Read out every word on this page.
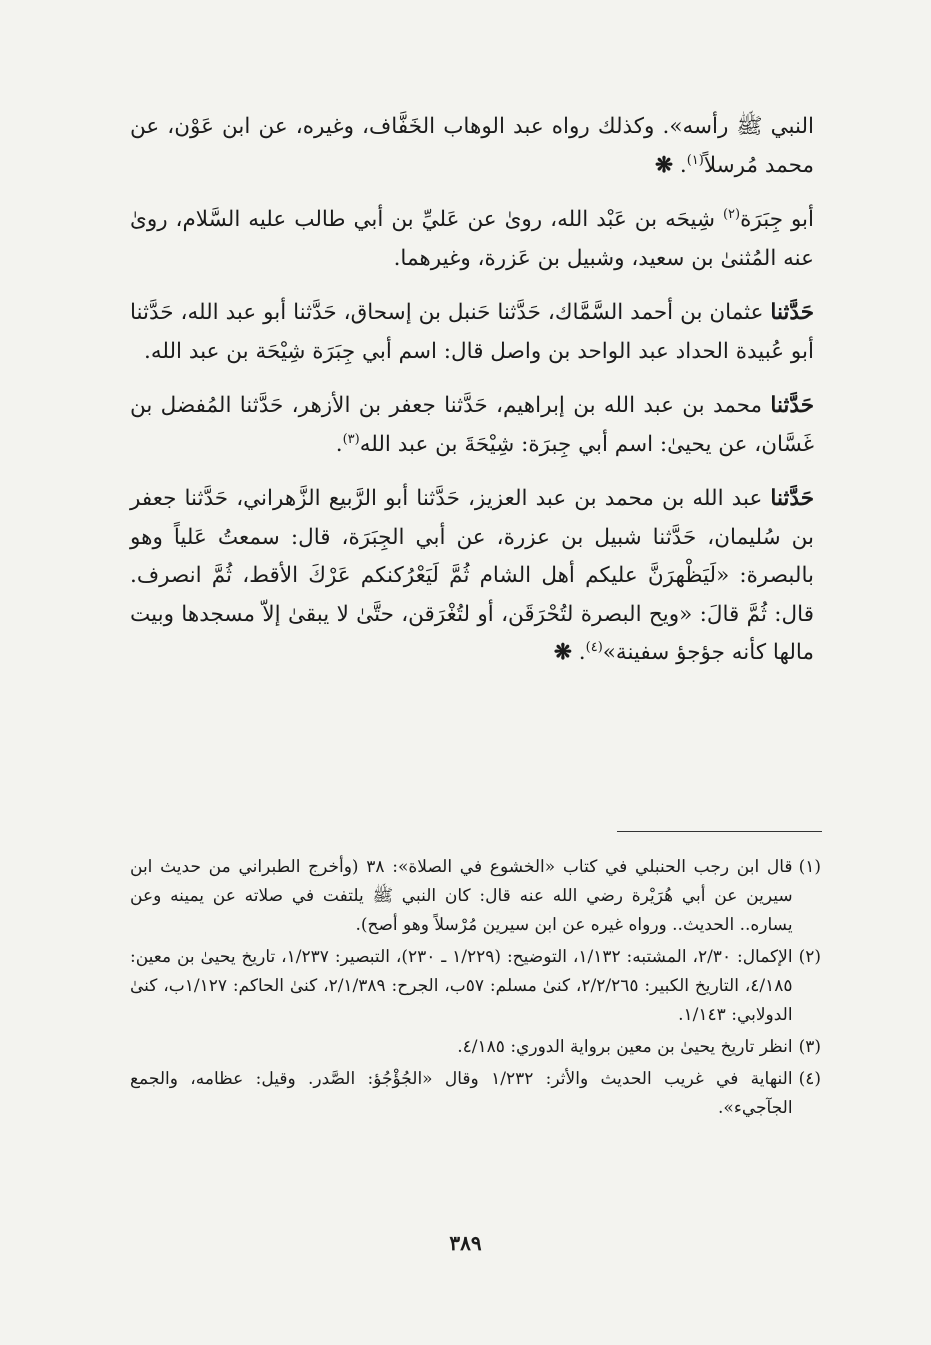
النبي ﷺ رأسه». وكذلك رواه عبد الوهاب الخَفَّاف، وغيره، عن ابن عَوْن، عن محمد مُرسلاً$^{(١)}$. ❋

أبو جِبَرَة$^{(٢)}$ شِيحَه بن عَبْد الله، روىٰ عن عَليِّ بن أبي طالب عليه السَّلام، روىٰ عنه المُثنىٰ بن سعيد، وشبيل بن عَزرة، وغيرهما.

حَدَّثنا عثمان بن أحمد السَّمَّاك، حَدَّثنا حَنبل بن إسحاق، حَدَّثنا أبو عبد الله، حَدَّثنا أبو عُبيدة الحداد عبد الواحد بن واصل قال: اسم أبي جِبَرَة شِيْحَة بن عبد الله.

حَدَّثنا محمد بن عبد الله بن إبراهيم، حَدَّثنا جعفر بن الأزهر، حَدَّثنا المُفضل بن غَسَّان، عن يحيىٰ: اسم أبي جِبرَة: شِيْحَةَ بن عبد الله$^{(٣)}$.

حَدَّثنا عبد الله بن محمد بن عبد العزيز، حَدَّثنا أبو الرَّبيع الزَّهراني، حَدَّثنا جعفر بن سُليمان، حَدَّثنا شبيل بن عزرة، عن أبي الجِبَرَة، قال: سمعتُ عَلياً وهو بالبصرة: «لَيَظْهرَنَّ عليكم أهل الشام ثُمَّ لَيَعْرُكنكم عَرْكَ الأقط، ثُمَّ انصرف. قال: ثُمَّ قالَ: «ويح البصرة لتُحْرَقَن، أو لتُغْرَقن، حتَّىٰ لا يبقىٰ إلاّ مسجدها وبيت مالها كأنه جؤجؤ سفينة»$^{(٤)}$. ❋

(١)
قال ابن رجب الحنبلي في كتاب «الخشوع في الصلاة»: ٣٨ (وأخرج الطبراني من حديث ابن سيرين عن أبي هُرَيْرة رضي الله عنه قال: كان النبي ﷺ يلتفت في صلاته عن يمينه وعن يساره.. الحديث.. ورواه غيره عن ابن سيرين مُرْسلاً وهو أصح).
(٢)
الإكمال: ٢/٣٠، المشتبه: ١/١٣٢، التوضيح: (١/٢٢٩ ـ ٢٣٠)، التبصير: ١/٢٣٧، تاريخ يحيىٰ بن معين: ٤/١٨٥، التاريخ الكبير: ٢/٢/٢٦٥، كنىٰ مسلم: ٥٧ب، الجرح: ٢/١/٣٨٩، كنىٰ الحاكم: ١/١٢٧ب، كنىٰ الدولابي: ١/١٤٣.
(٣)
انظر تاريخ يحيىٰ بن معين برواية الدوري: ٤/١٨٥.
(٤)
النهاية في غريب الحديث والأثر: ١/٢٣٢ وقال «الجُؤْجُؤ: الصَّدر. وقيل: عظامه، والجمع الجآجيء».
٣٨٩
